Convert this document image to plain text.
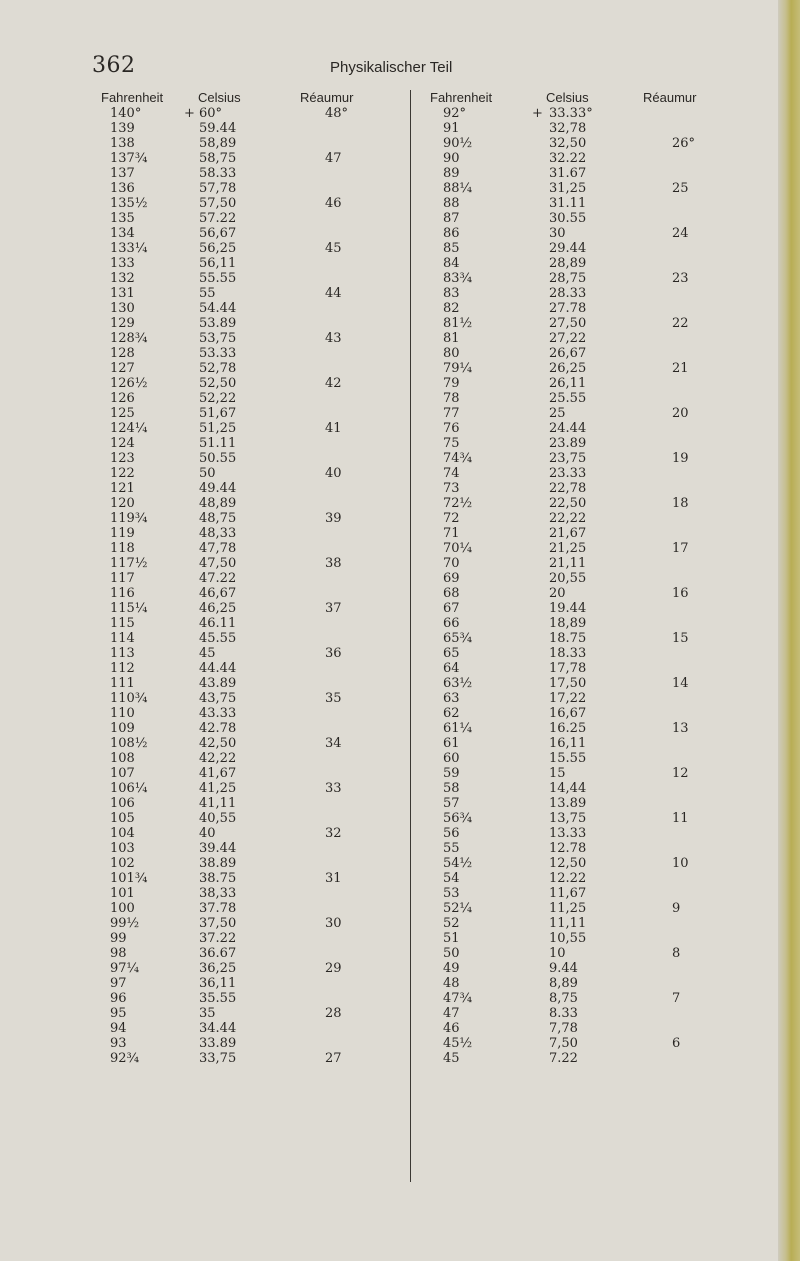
362	Physikalischer Teil
Fahrenheit	Celsius	Réaumur
140°	60°	48°
+
139	59.44
138	58,89
137¾	58,75	47
137	58.33
136	57,78
135½	57,50	46
135	57.22
134	56,67
133¼	56,25	45
133	56,11
132	55.55
131	55	44
130	54.44
129	53.89
128¾	53,75	43
128	53.33
127	52,78
126½	52,50	42
126	52,22
125	51,67
124¼	51,25	41
124	51.11
123	50.55
122	50	40
121	49.44
120	48,89
119¾	48,75	39
119	48,33
118	47,78
117½	47,50	38
117	47.22
116	46,67
115¼	46,25	37
115	46.11
114	45.55
113	45	36
112	44.44
111	43.89
110¾	43,75	35
110	43.33
109	42.78
108½	42,50	34
108	42,22
107	41,67
106¼	41,25	33
106	41,11
105	40,55
104	40	32
103	39.44
102	38.89
101¾	38.75	31
101	38,33
100	37.78
99½	37,50	30
99	37.22
98	36.67
97¼	36,25	29
97	36,11
96	35.55
95	35	28
94	34.44
93	33.89
92¾	33,75	27
Fahrenheit	Celsius	Réaumur
92°	33.33°
+
91	32,78
90½	32,50	26°
90	32.22
89	31.67
88¼	31,25	25
88	31.11
87	30.55
86	30	24
85	29.44
84	28,89
83¾	28,75	23
83	28.33
82	27.78
81½	27,50	22
81	27,22
80	26,67
79¼	26,25	21
79	26,11
78	25.55
77	25	20
76	24.44
75	23.89
74¾	23,75	19
74	23.33
73	22,78
72½	22,50	18
72	22,22
71	21,67
70¼	21,25	17
70	21,11
69	20,55
68	20	16
67	19.44
66	18,89
65¾	18.75	15
65	18.33
64	17,78
63½	17,50	14
63	17,22
62	16,67
61¼	16.25	13
61	16,11
60	15.55
59	15	12
58	14,44
57	13.89
56¾	13,75	11
56	13.33
55	12.78
54½	12,50	10
54	12.22
53	11,67
52¼	11,25	9
52	11,11
51	10,55
50	10	8
49	9.44
48	8,89
47¾	8,75	7
47	8.33
46	7,78
45½	7,50	6
45	7.22
